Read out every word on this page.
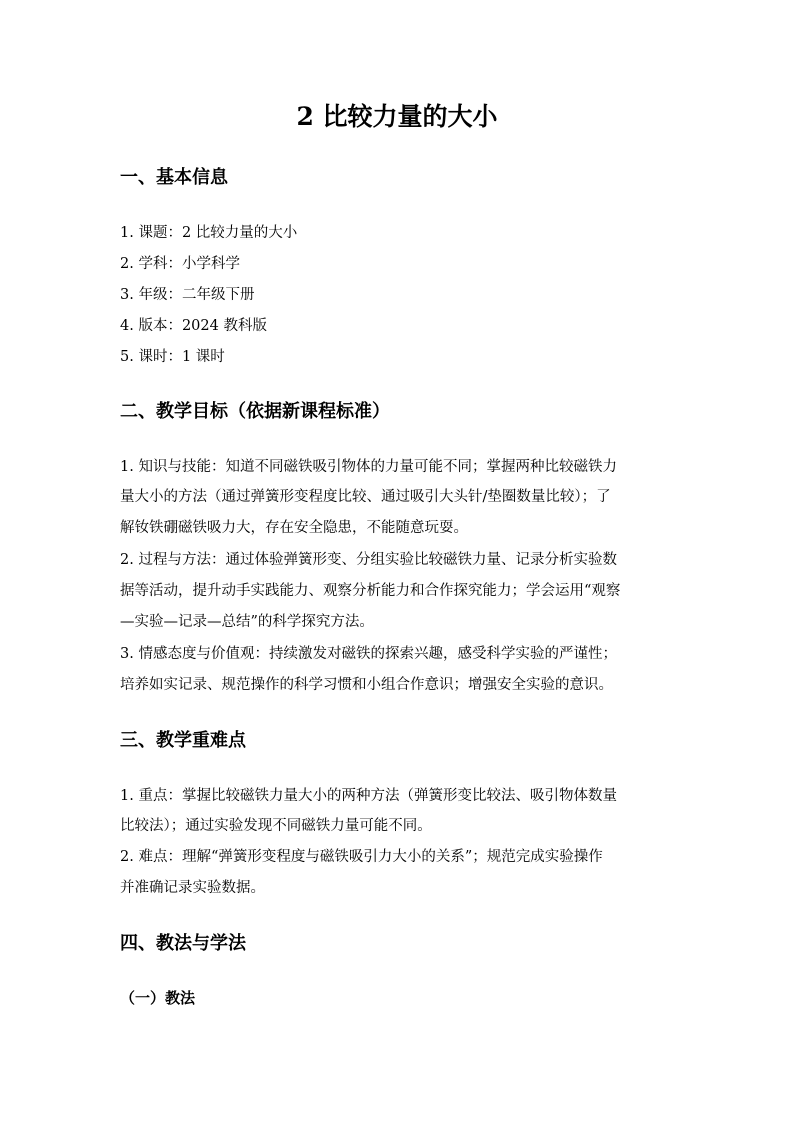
2 比较力量的大小
一、基本信息

1. 课题：2 比较力量的大小

2. 学科：小学科学

3. 年级：二年级下册

4. 版本：2024 教科版

5. 课时：1 课时

二、教学目标（依据新课程标准）

1. 知识与技能：知道不同磁铁吸引物体的力量可能不同；掌握两种比较磁铁力

量大小的方法（通过弹簧形变程度比较、通过吸引大头针/垫圈数量比较）；了

解钕铁硼磁铁吸力大，存在安全隐患，不能随意玩耍。

2. 过程与方法：通过体验弹簧形变、分组实验比较磁铁力量、记录分析实验数

据等活动，提升动手实践能力、观察分析能力和合作探究能力；学会运用“观察

—实验—记录—总结”的科学探究方法。

3. 情感态度与价值观：持续激发对磁铁的探索兴趣，感受科学实验的严谨性；

培养如实记录、规范操作的科学习惯和小组合作意识；增强安全实验的意识。

三、教学重难点

1. 重点：掌握比较磁铁力量大小的两种方法（弹簧形变比较法、吸引物体数量

比较法）；通过实验发现不同磁铁力量可能不同。

2. 难点：理解“弹簧形变程度与磁铁吸引力大小的关系”；规范完成实验操作

并准确记录实验数据。

四、教法与学法
（一）教法
